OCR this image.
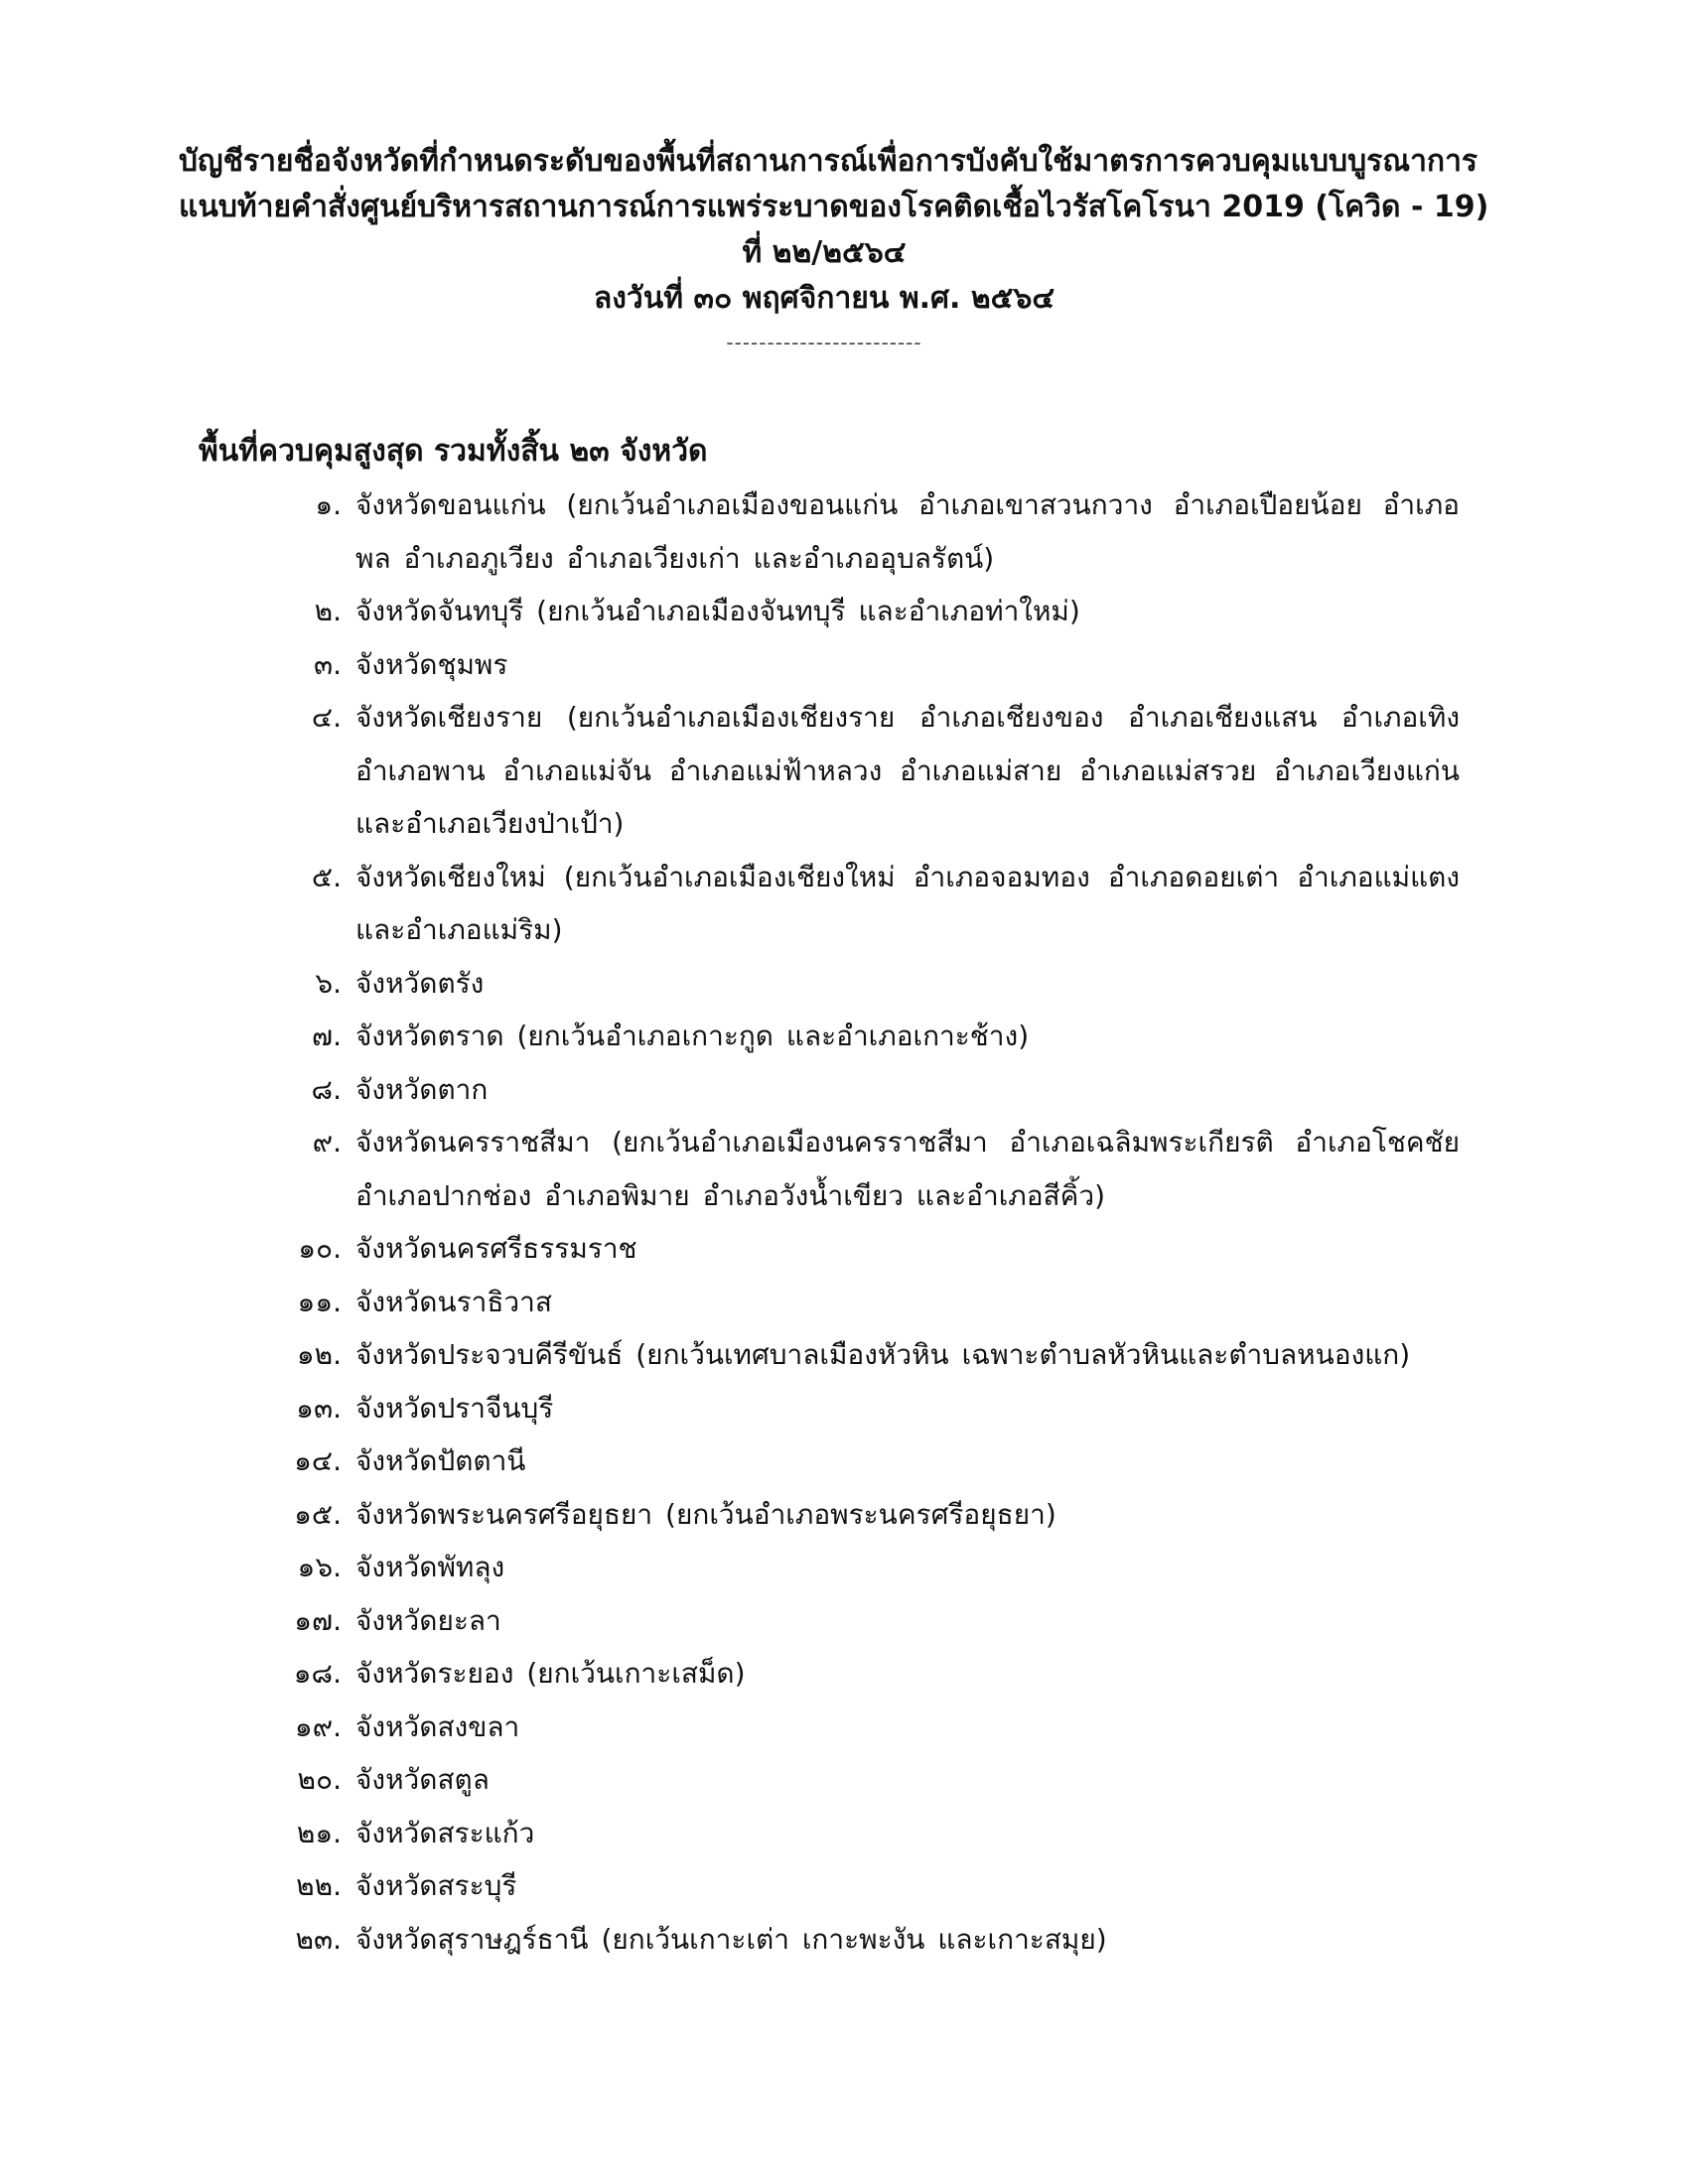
บัญชีรายชื่อจังหวัดที่กำหนดระดับของพื้นที่สถานการณ์เพื่อการบังคับใช้มาตรการควบคุมแบบบูรณาการ
แนบท้ายคำสั่งศูนย์บริหารสถานการณ์การแพร่ระบาดของโรคติดเชื้อไวรัสโคโรนา 2019 (โควิด - 19)
ที่ ๒๒/๒๕๖๔
ลงวันที่ ๓๐ พฤศจิกายน พ.ศ. ๒๕๖๔
------------------------
พื้นที่ควบคุมสูงสุด รวมทั้งสิ้น ๒๓ จังหวัด
๑. จังหวัดขอนแก่น (ยกเว้นอำเภอเมืองขอนแก่น อำเภอเขาสวนกวาง อำเภอเปือยน้อย อำเภอพล อำเภอภูเวียง อำเภอเวียงเก่า และอำเภออุบลรัตน์)
๒. จังหวัดจันทบุรี (ยกเว้นอำเภอเมืองจันทบุรี และอำเภอท่าใหม่)
๓. จังหวัดชุมพร
๔. จังหวัดเชียงราย (ยกเว้นอำเภอเมืองเชียงราย อำเภอเชียงของ อำเภอเชียงแสน อำเภอเทิง อำเภอพาน อำเภอแม่จัน อำเภอแม่ฟ้าหลวง อำเภอแม่สาย อำเภอแม่สรวย อำเภอเวียงแก่น และอำเภอเวียงป่าเป้า)
๕. จังหวัดเชียงใหม่ (ยกเว้นอำเภอเมืองเชียงใหม่ อำเภอจอมทอง อำเภอดอยเต่า อำเภอแม่แตง และอำเภอแม่ริม)
๖. จังหวัดตรัง
๗. จังหวัดตราด (ยกเว้นอำเภอเกาะกูด และอำเภอเกาะช้าง)
๘. จังหวัดตาก
๙. จังหวัดนครราชสีมา (ยกเว้นอำเภอเมืองนครราชสีมา อำเภอเฉลิมพระเกียรติ อำเภอโชคชัย อำเภอปากช่อง อำเภอพิมาย อำเภอวังน้ำเขียว และอำเภอสีคิ้ว)
๑๐. จังหวัดนครศรีธรรมราช
๑๑. จังหวัดนราธิวาส
๑๒. จังหวัดประจวบคีรีขันธ์ (ยกเว้นเทศบาลเมืองหัวหิน เฉพาะตำบลหัวหินและตำบลหนองแก)
๑๓. จังหวัดปราจีนบุรี
๑๔. จังหวัดปัตตานี
๑๕. จังหวัดพระนครศรีอยุธยา (ยกเว้นอำเภอพระนครศรีอยุธยา)
๑๖. จังหวัดพัทลุง
๑๗. จังหวัดยะลา
๑๘. จังหวัดระยอง (ยกเว้นเกาะเสม็ด)
๑๙. จังหวัดสงขลา
๒๐. จังหวัดสตูล
๒๑. จังหวัดสระแก้ว
๒๒. จังหวัดสระบุรี
๒๓. จังหวัดสุราษฎร์ธานี (ยกเว้นเกาะเต่า เกาะพะงัน และเกาะสมุย)
